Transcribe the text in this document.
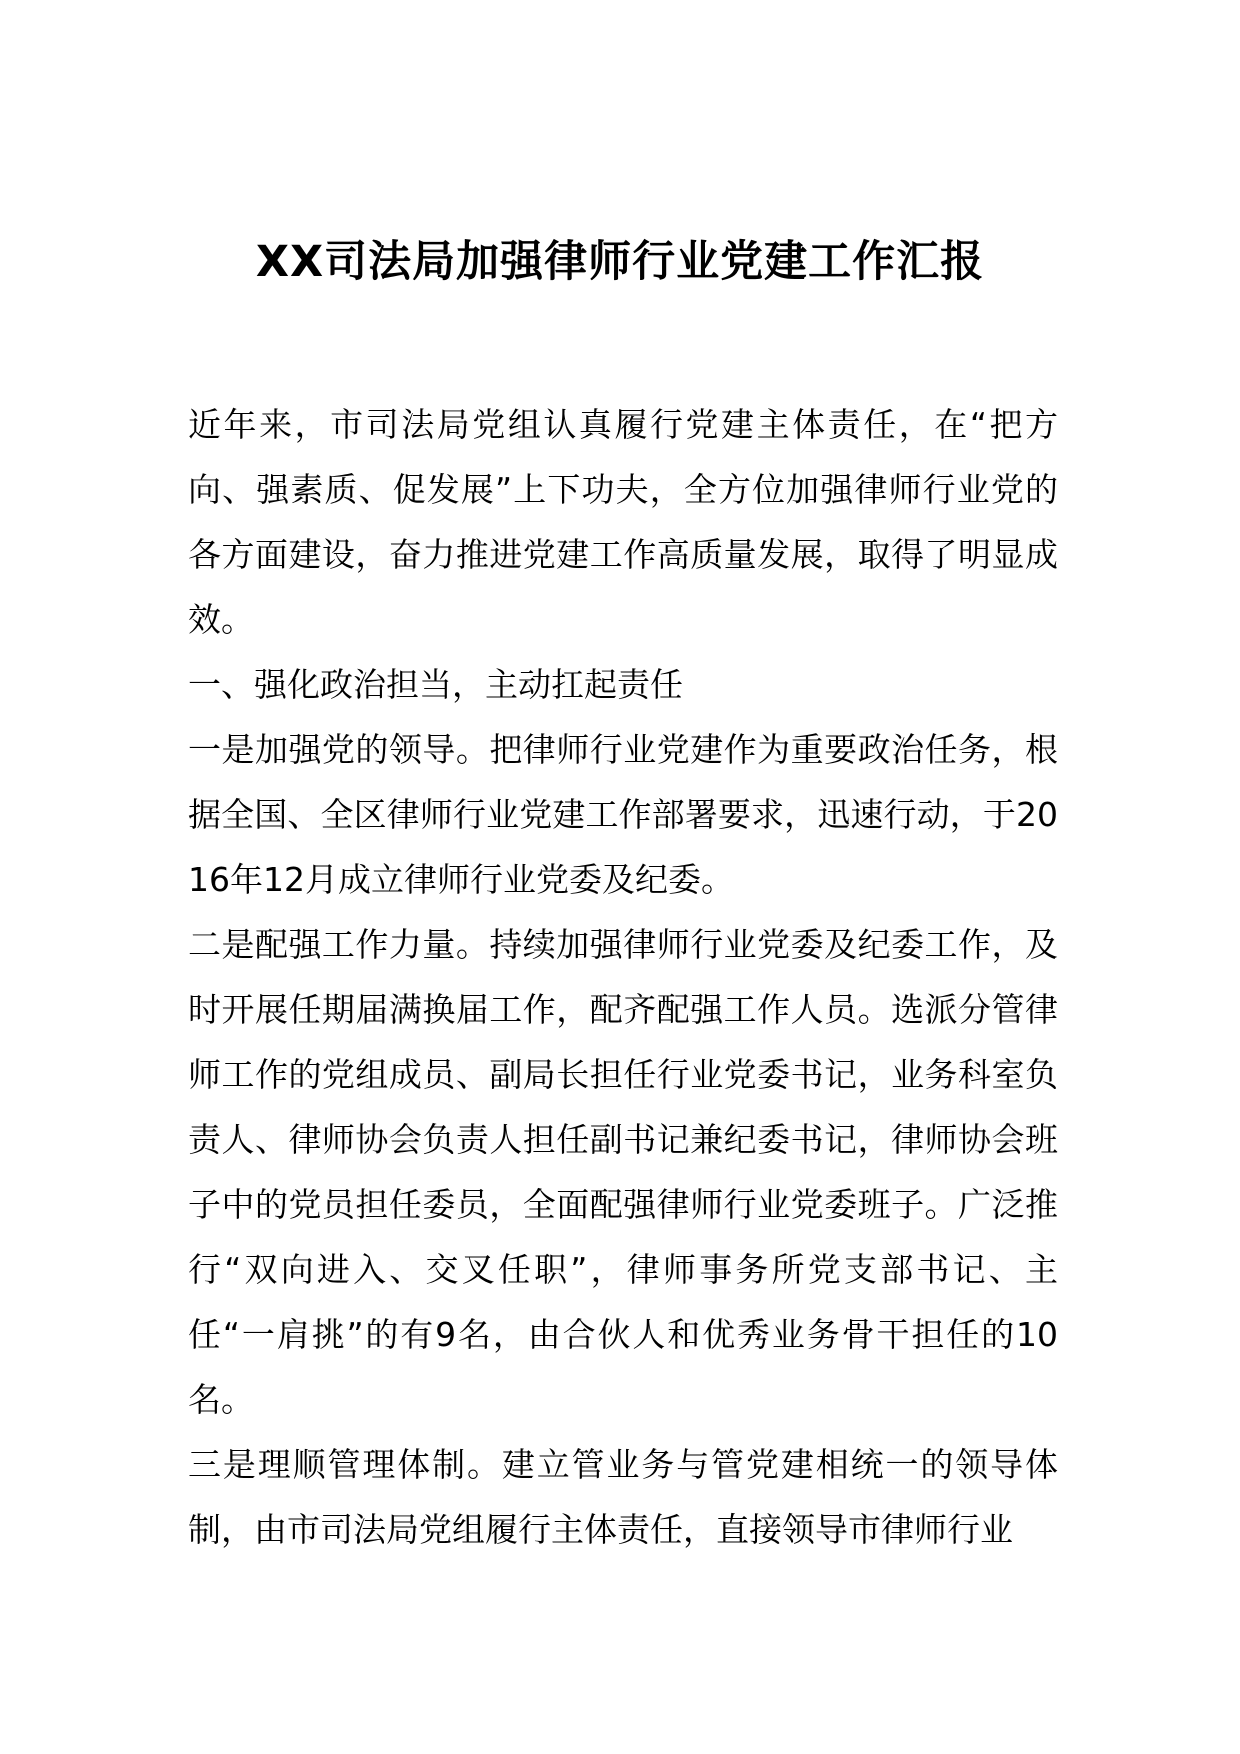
XX司法局加强律师行业党建工作汇报

近年来，市司法局党组认真履行党建主体责任，在“把方向、强素质、促发展”上下功夫，全方位加强律师行业党的各方面建设，奋力推进党建工作高质量发展，取得了明显成效。

一、强化政治担当，主动扛起责任

一是加强党的领导。把律师行业党建作为重要政治任务，根据全国、全区律师行业党建工作部署要求，迅速行动，于2016年12月成立律师行业党委及纪委。

二是配强工作力量。持续加强律师行业党委及纪委工作，及时开展任期届满换届工作，配齐配强工作人员。选派分管律师工作的党组成员、副局长担任行业党委书记，业务科室负责人、律师协会负责人担任副书记兼纪委书记，律师协会班子中的党员担任委员，全面配强律师行业党委班子。广泛推行“双向进入、交叉任职”，律师事务所党支部书记、主任“一肩挑”的有9名，由合伙人和优秀业务骨干担任的10名。

三是理顺管理体制。建立管业务与管党建相统一的领导体制，由市司法局党组履行主体责任，直接领导市律师行业
